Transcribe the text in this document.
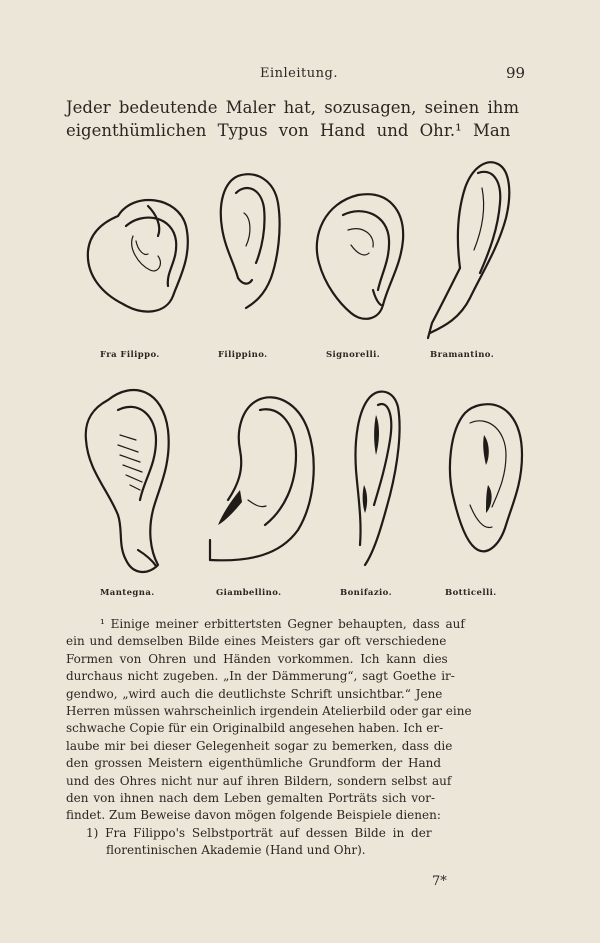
Einleitung.	99
Jeder bedeutende Maler hat, sozusagen, seinen ihm
eigenthümlichen Typus von Hand und Ohr.¹ Man
Fra Filippo.	Filippino.	Signorelli.	Bramantino.
Mantegna.	Giambellino.	Bonifazio.	Botticelli.
¹ Einige meiner erbittertsten Gegner behaupten, dass auf
ein und demselben Bilde eines Meisters gar oft verschiedene
Formen von Ohren und Händen vorkommen. Ich kann dies
durchaus nicht zugeben. „In der Dämmerung“, sagt Goethe ir-
gendwo, „wird auch die deutlichste Schrift unsichtbar.“ Jene
Herren müssen wahrscheinlich irgendein Atelierbild oder gar eine
schwache Copie für ein Originalbild angesehen haben. Ich er-
laube mir bei dieser Gelegenheit sogar zu bemerken, dass die
den grossen Meistern eigenthümliche Grundform der Hand
und des Ohres nicht nur auf ihren Bildern, sondern selbst auf
den von ihnen nach dem Leben gemalten Porträts sich vor-
findet. Zum Beweise davon mögen folgende Beispiele dienen:
1) Fra Filippo's Selbstporträt auf dessen Bilde in der
florentinischen Akademie (Hand und Ohr).
7*
